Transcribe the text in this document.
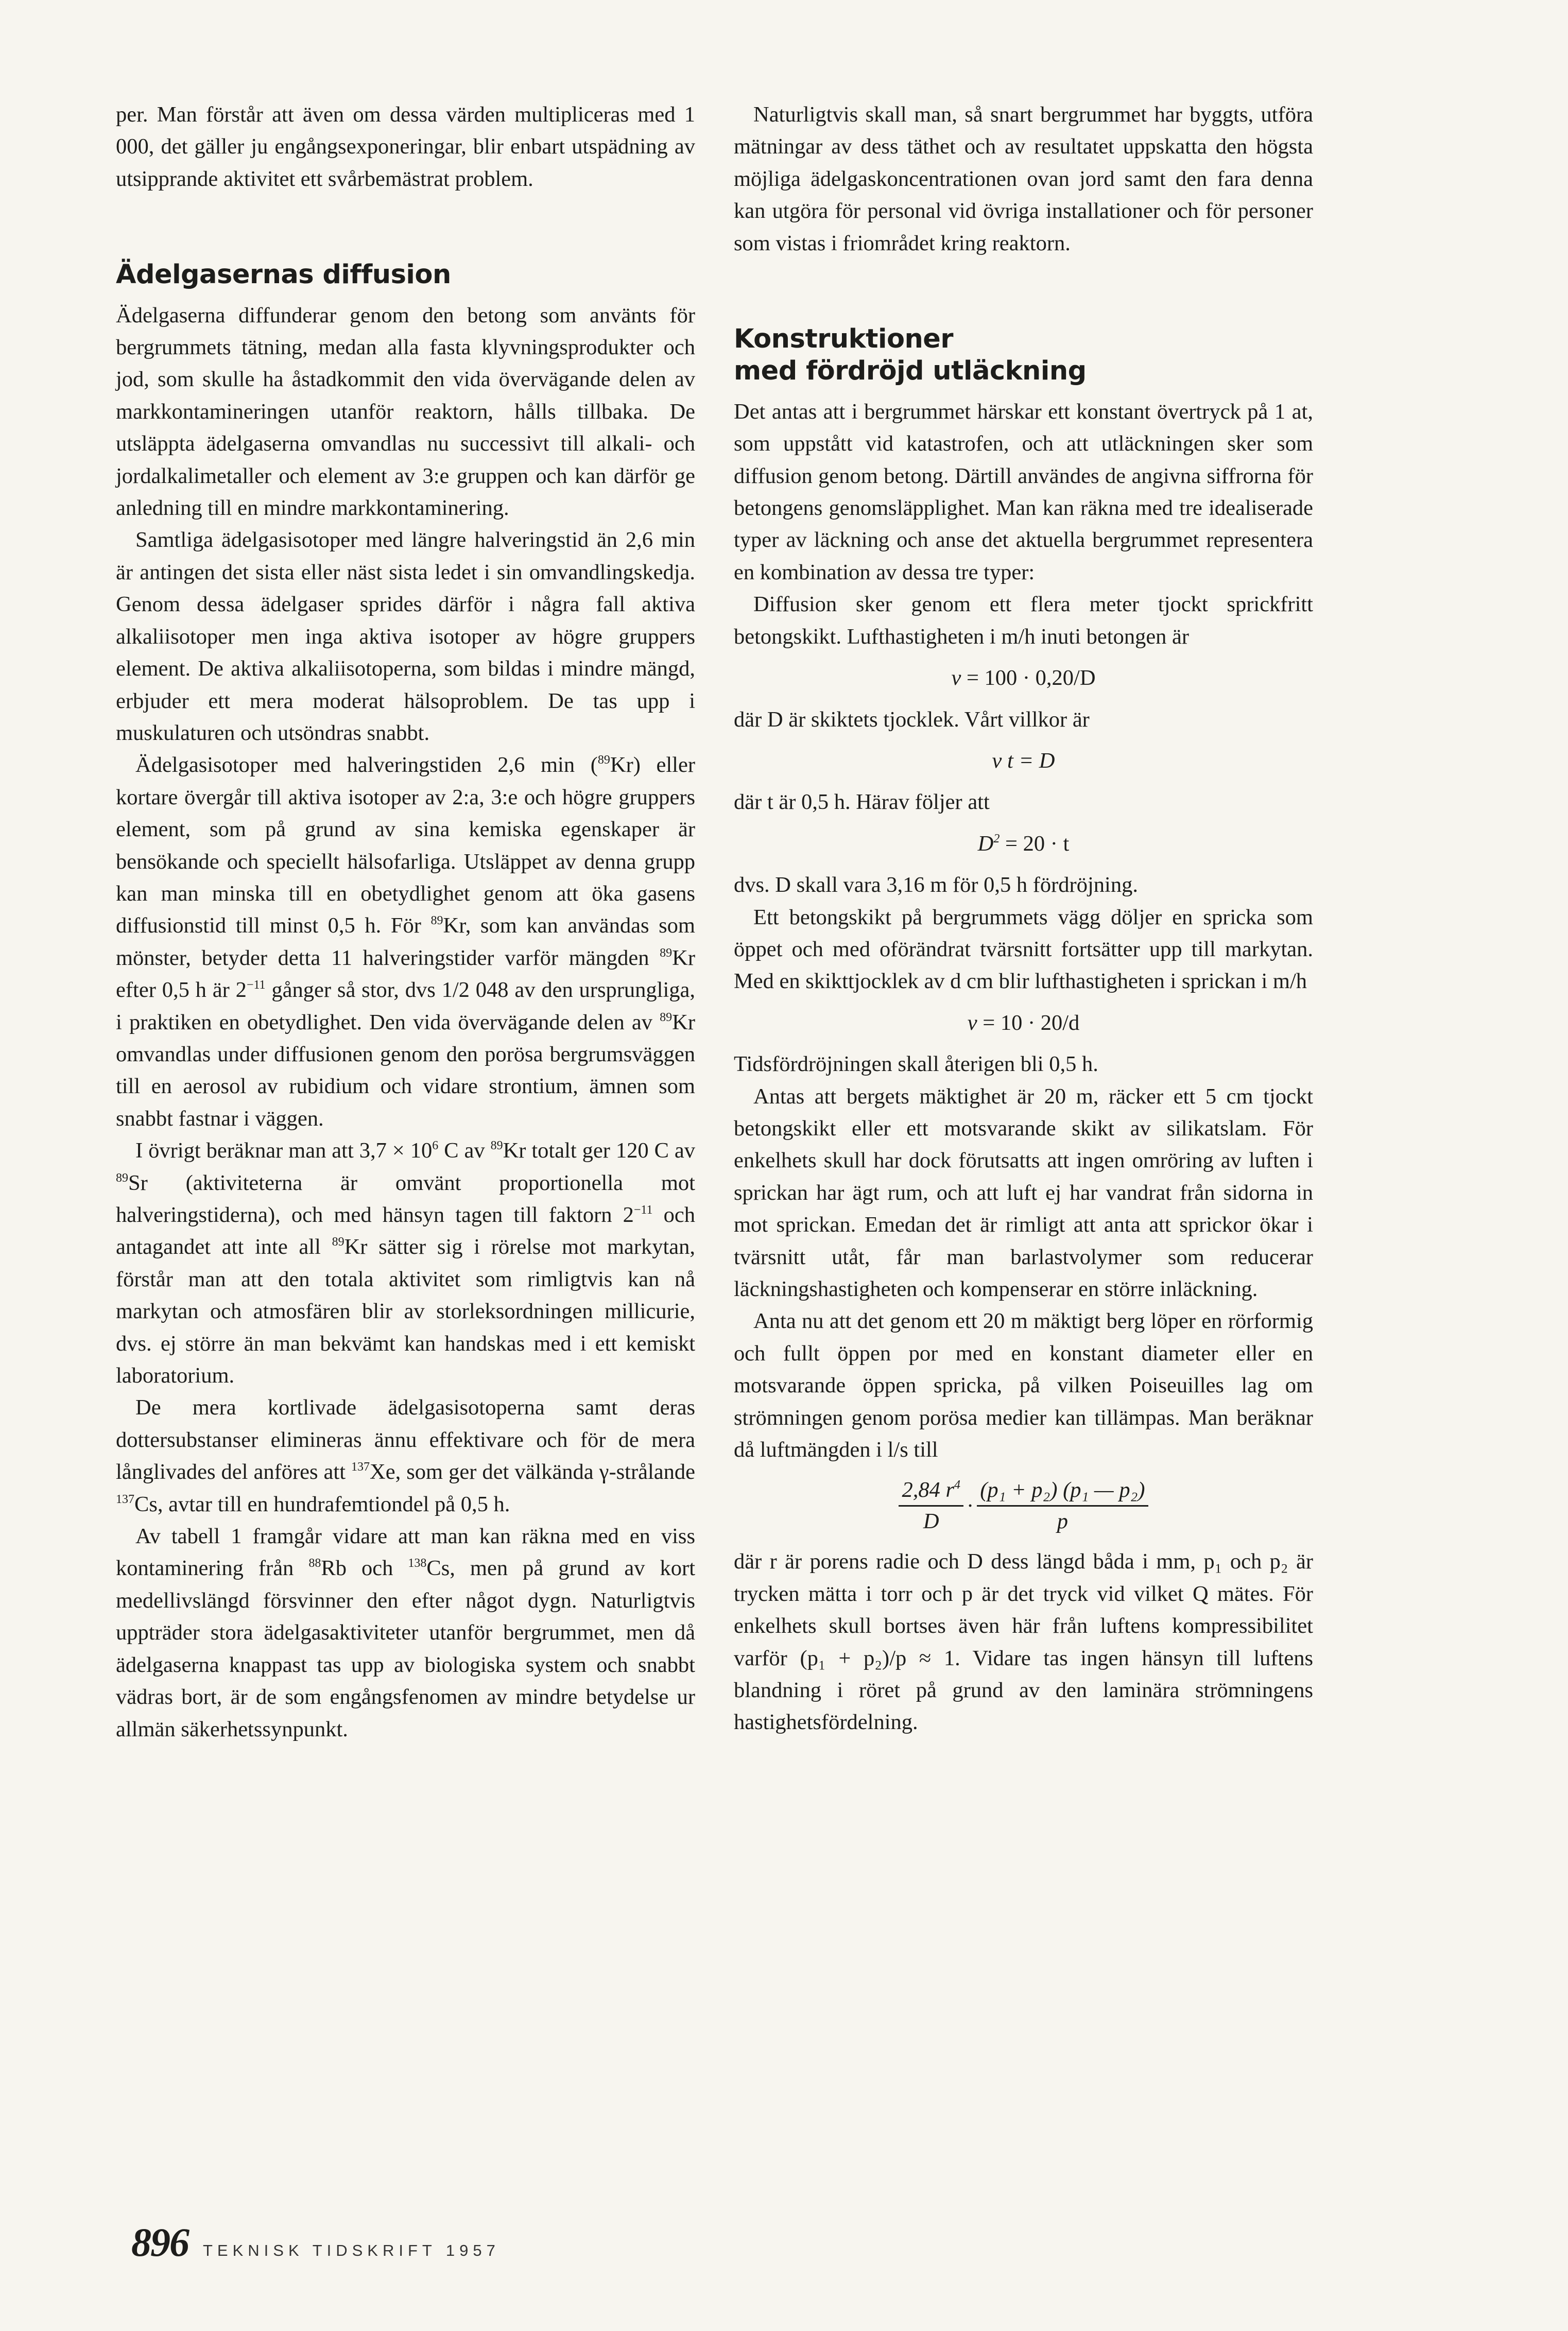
per. Man förstår att även om dessa värden multipliceras med 1 000, det gäller ju engångsexponeringar, blir enbart utspädning av utsipprande aktivitet ett svårbemästrat problem.

Ädelgasernas diffusion

Ädelgaserna diffunderar genom den betong som använts för bergrummets tätning, medan alla fasta klyvningsprodukter och jod, som skulle ha åstadkommit den vida övervägande delen av markkontamineringen utanför reaktorn, hålls tillbaka. De utsläppta ädelgaserna omvandlas nu successivt till alkali- och jordalkalimetaller och element av 3:e gruppen och kan därför ge anledning till en mindre markkontaminering.

Samtliga ädelgasisotoper med längre halveringstid än 2,6 min är antingen det sista eller näst sista ledet i sin omvandlingskedja. Genom dessa ädelgaser sprides därför i några fall aktiva alkaliisotoper men inga aktiva isotoper av högre gruppers element. De aktiva alkaliisotoperna, som bildas i mindre mängd, erbjuder ett mera moderat hälsoproblem. De tas upp i muskulaturen och utsöndras snabbt.

Ädelgasisotoper med halveringstiden 2,6 min ($^{89}$Kr) eller kortare övergår till aktiva isotoper av 2:a, 3:e och högre gruppers element, som på grund av sina kemiska egenskaper är bensökande och speciellt hälsofarliga. Utsläppet av denna grupp kan man minska till en obetydlighet genom att öka gasens diffusionstid till minst 0,5 h. För $^{89}$Kr, som kan användas som mönster, betyder detta 11 halveringstider varför mängden $^{89}$Kr efter 0,5 h är $2^{-11}$ gånger så stor, dvs 1/2 048 av den ursprungliga, i praktiken en obetydlighet. Den vida övervägande delen av $^{89}$Kr omvandlas under diffusionen genom den porösa bergrumsväggen till en aerosol av rubidium och vidare strontium, ämnen som snabbt fastnar i väggen.

I övrigt beräknar man att $3,7 \times 10^6$ C av $^{89}$Kr totalt ger 120 C av $^{89}$Sr (aktiviteterna är omvänt proportionella mot halveringstiderna), och med hänsyn tagen till faktorn $2^{-11}$ och antagandet att inte all $^{89}$Kr sätter sig i rörelse mot markytan, förstår man att den totala aktivitet som rimligtvis kan nå markytan och atmosfären blir av storleksordningen millicurie, dvs. ej större än man bekvämt kan handskas med i ett kemiskt laboratorium.

De mera kortlivade ädelgasisotoperna samt deras dottersubstanser elimineras ännu effektivare och för de mera långlivades del anföres att $^{137}$Xe, som ger det välkända γ-strålande $^{137}$Cs, avtar till en hundrafemtiondel på 0,5 h.

Av tabell 1 framgår vidare att man kan räkna med en viss kontaminering från $^{88}$Rb och $^{138}$Cs, men på grund av kort medellivslängd försvinner den efter något dygn. Naturligtvis uppträder stora ädelgasaktiviteter utanför bergrummet, men då ädelgaserna knappast tas upp av biologiska system och snabbt vädras bort, är de som engångsfenomen av mindre betydelse ur allmän säkerhetssynpunkt.

Naturligtvis skall man, så snart bergrummet har byggts, utföra mätningar av dess täthet och av resultatet uppskatta den högsta möjliga ädelgaskoncentrationen ovan jord samt den fara denna kan utgöra för personal vid övriga installationer och för personer som vistas i friområdet kring reaktorn.

Konstruktioner
med fördröjd utläckning

Det antas att i bergrummet härskar ett konstant övertryck på 1 at, som uppstått vid katastrofen, och att utläckningen sker som diffusion genom betong. Därtill användes de angivna siffrorna för betongens genomsläpplighet. Man kan räkna med tre idealiserade typer av läckning och anse det aktuella bergrummet representera en kombination av dessa tre typer:

Diffusion sker genom ett flera meter tjockt sprickfritt betongskikt. Lufthastigheten i m/h inuti betongen är

v = 100 · 0,20/D

där D är skiktets tjocklek. Vårt villkor är

v t = D

där t är 0,5 h. Härav följer att

$D^2 = 20 \cdot t$

dvs. D skall vara 3,16 m för 0,5 h fördröjning.

Ett betongskikt på bergrummets vägg döljer en spricka som öppet och med oförändrat tvärsnitt fortsätter upp till markytan. Med en skikttjocklek av d cm blir lufthastigheten i sprickan i m/h

v = 10 · 20/d

Tidsfördröjningen skall återigen bli 0,5 h.

Antas att bergets mäktighet är 20 m, räcker ett 5 cm tjockt betongskikt eller ett motsvarande skikt av silikatslam. För enkelhets skull har dock förutsatts att ingen omröring av luften i sprickan har ägt rum, och att luft ej har vandrat från sidorna in mot sprickan. Emedan det är rimligt att anta att sprickor ökar i tvärsnitt utåt, får man barlastvolymer som reducerar läckningshastigheten och kompenserar en större inläckning.

Anta nu att det genom ett 20 m mäktigt berg löper en rörformig och fullt öppen por med en konstant diameter eller en motsvarande öppen spricka, på vilken Poiseuilles lag om strömningen genom porösa medier kan tillämpas. Man beräknar då luftmängden i l/s till

$\frac{2,84 r^4}{D} \cdot \frac{\text{(p₁ + p₂) (p₁ — p₂)}}{p}$

där r är porens radie och D dess längd båda i mm, p₁ och p₂ är trycken mätta i torr och p är det tryck vid vilket Q mätes. För enkelhets skull bortses även här från luftens kompressibilitet varför (p₁ + p₂)/p ≈ 1. Vidare tas ingen hänsyn till luftens blandning i röret på grund av den laminära strömningens hastighetsfördelning.

896 TEKNISK TIDSKRIFT 1957
